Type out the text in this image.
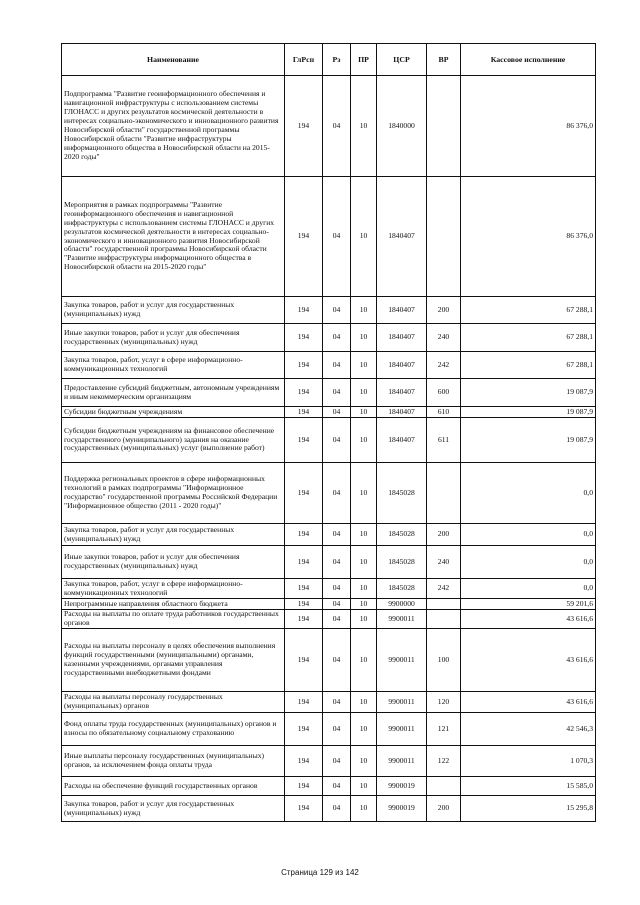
Наименование	ГлРсп	Рз	ПР	ЦСР	ВР	Кассовое исполнение
Подпрограмма "Развитие геоинформационного обеспечения и навигационной инфраструктуры с использованием системы ГЛОНАСС и других результатов космической деятельности в интересах социально-экономического и инновационного развития Новосибирской области" государственной программы Новосибирской области "Развитие инфраструктуры информационного общества в Новосибирской области на 2015-2020 годы"	194	04	10	1840000		86 376,0
Мероприятия в рамках подпрограммы "Развитие геоинформационного обеспечения и навигационной инфраструктуры с использованием системы ГЛОНАСС и других результатов космической деятельности в интересах социально-экономического и инновационного развития Новосибирской области" государственной программы Новосибирской области "Развитие инфраструктуры информационного общества в Новосибирской области на 2015-2020 годы"	194	04	10	1840407		86 376,0
Закупка товаров, работ и услуг для государственных (муниципальных) нужд	194	04	10	1840407	200	67 288,1
Иные закупки товаров, работ и услуг для обеспечения государственных (муниципальных) нужд	194	04	10	1840407	240	67 288,1
Закупка товаров, работ, услуг в сфере информационно-коммуникационных технологий	194	04	10	1840407	242	67 288,1
Предоставление субсидий бюджетным, автономным учреждениям и иным некоммерческим организациям	194	04	10	1840407	600	19 087,9
Субсидии бюджетным учреждениям	194	04	10	1840407	610	19 087,9
Субсидии бюджетным учреждениям на финансовое обеспечение государственного (муниципального) задания на оказание государственных (муниципальных) услуг (выполнение работ)	194	04	10	1840407	611	19 087,9
Поддержка региональных проектов в сфере информационных технологий в рамках подпрограммы "Информационное государство" государственной программы Российской Федерации "Информационное общество (2011 - 2020 годы)"	194	04	10	1845028		0,0
Закупка товаров, работ и услуг для государственных (муниципальных) нужд	194	04	10	1845028	200	0,0
Иные закупки товаров, работ и услуг для обеспечения государственных (муниципальных) нужд	194	04	10	1845028	240	0,0
Закупка товаров, работ, услуг в сфере информационно-коммуникационных технологий	194	04	10	1845028	242	0,0
Непрограммные направления областного бюджета	194	04	10	9900000		59 201,6
Расходы на выплаты по оплате труда работников государственных органов	194	04	10	9900011		43 616,6
Расходы на выплаты персоналу в целях обеспечения выполнения функций государственными (муниципальными) органами, казенными учреждениями, органами управления государственными внебюджетными фондами	194	04	10	9900011	100	43 616,6
Расходы на выплаты персоналу государственных (муниципальных) органов	194	04	10	9900011	120	43 616,6
Фонд оплаты труда государственных (муниципальных) органов и взносы по обязательному социальному страхованию	194	04	10	9900011	121	42 546,3
Иные выплаты персоналу государственных (муниципальных) органов, за исключением фонда оплаты труда	194	04	10	9900011	122	1 070,3
Расходы на обеспечение функций государственных органов	194	04	10	9900019		15 585,0
Закупка товаров, работ и услуг для государственных (муниципальных) нужд	194	04	10	9900019	200	15 295,8
Страница 129 из 142
